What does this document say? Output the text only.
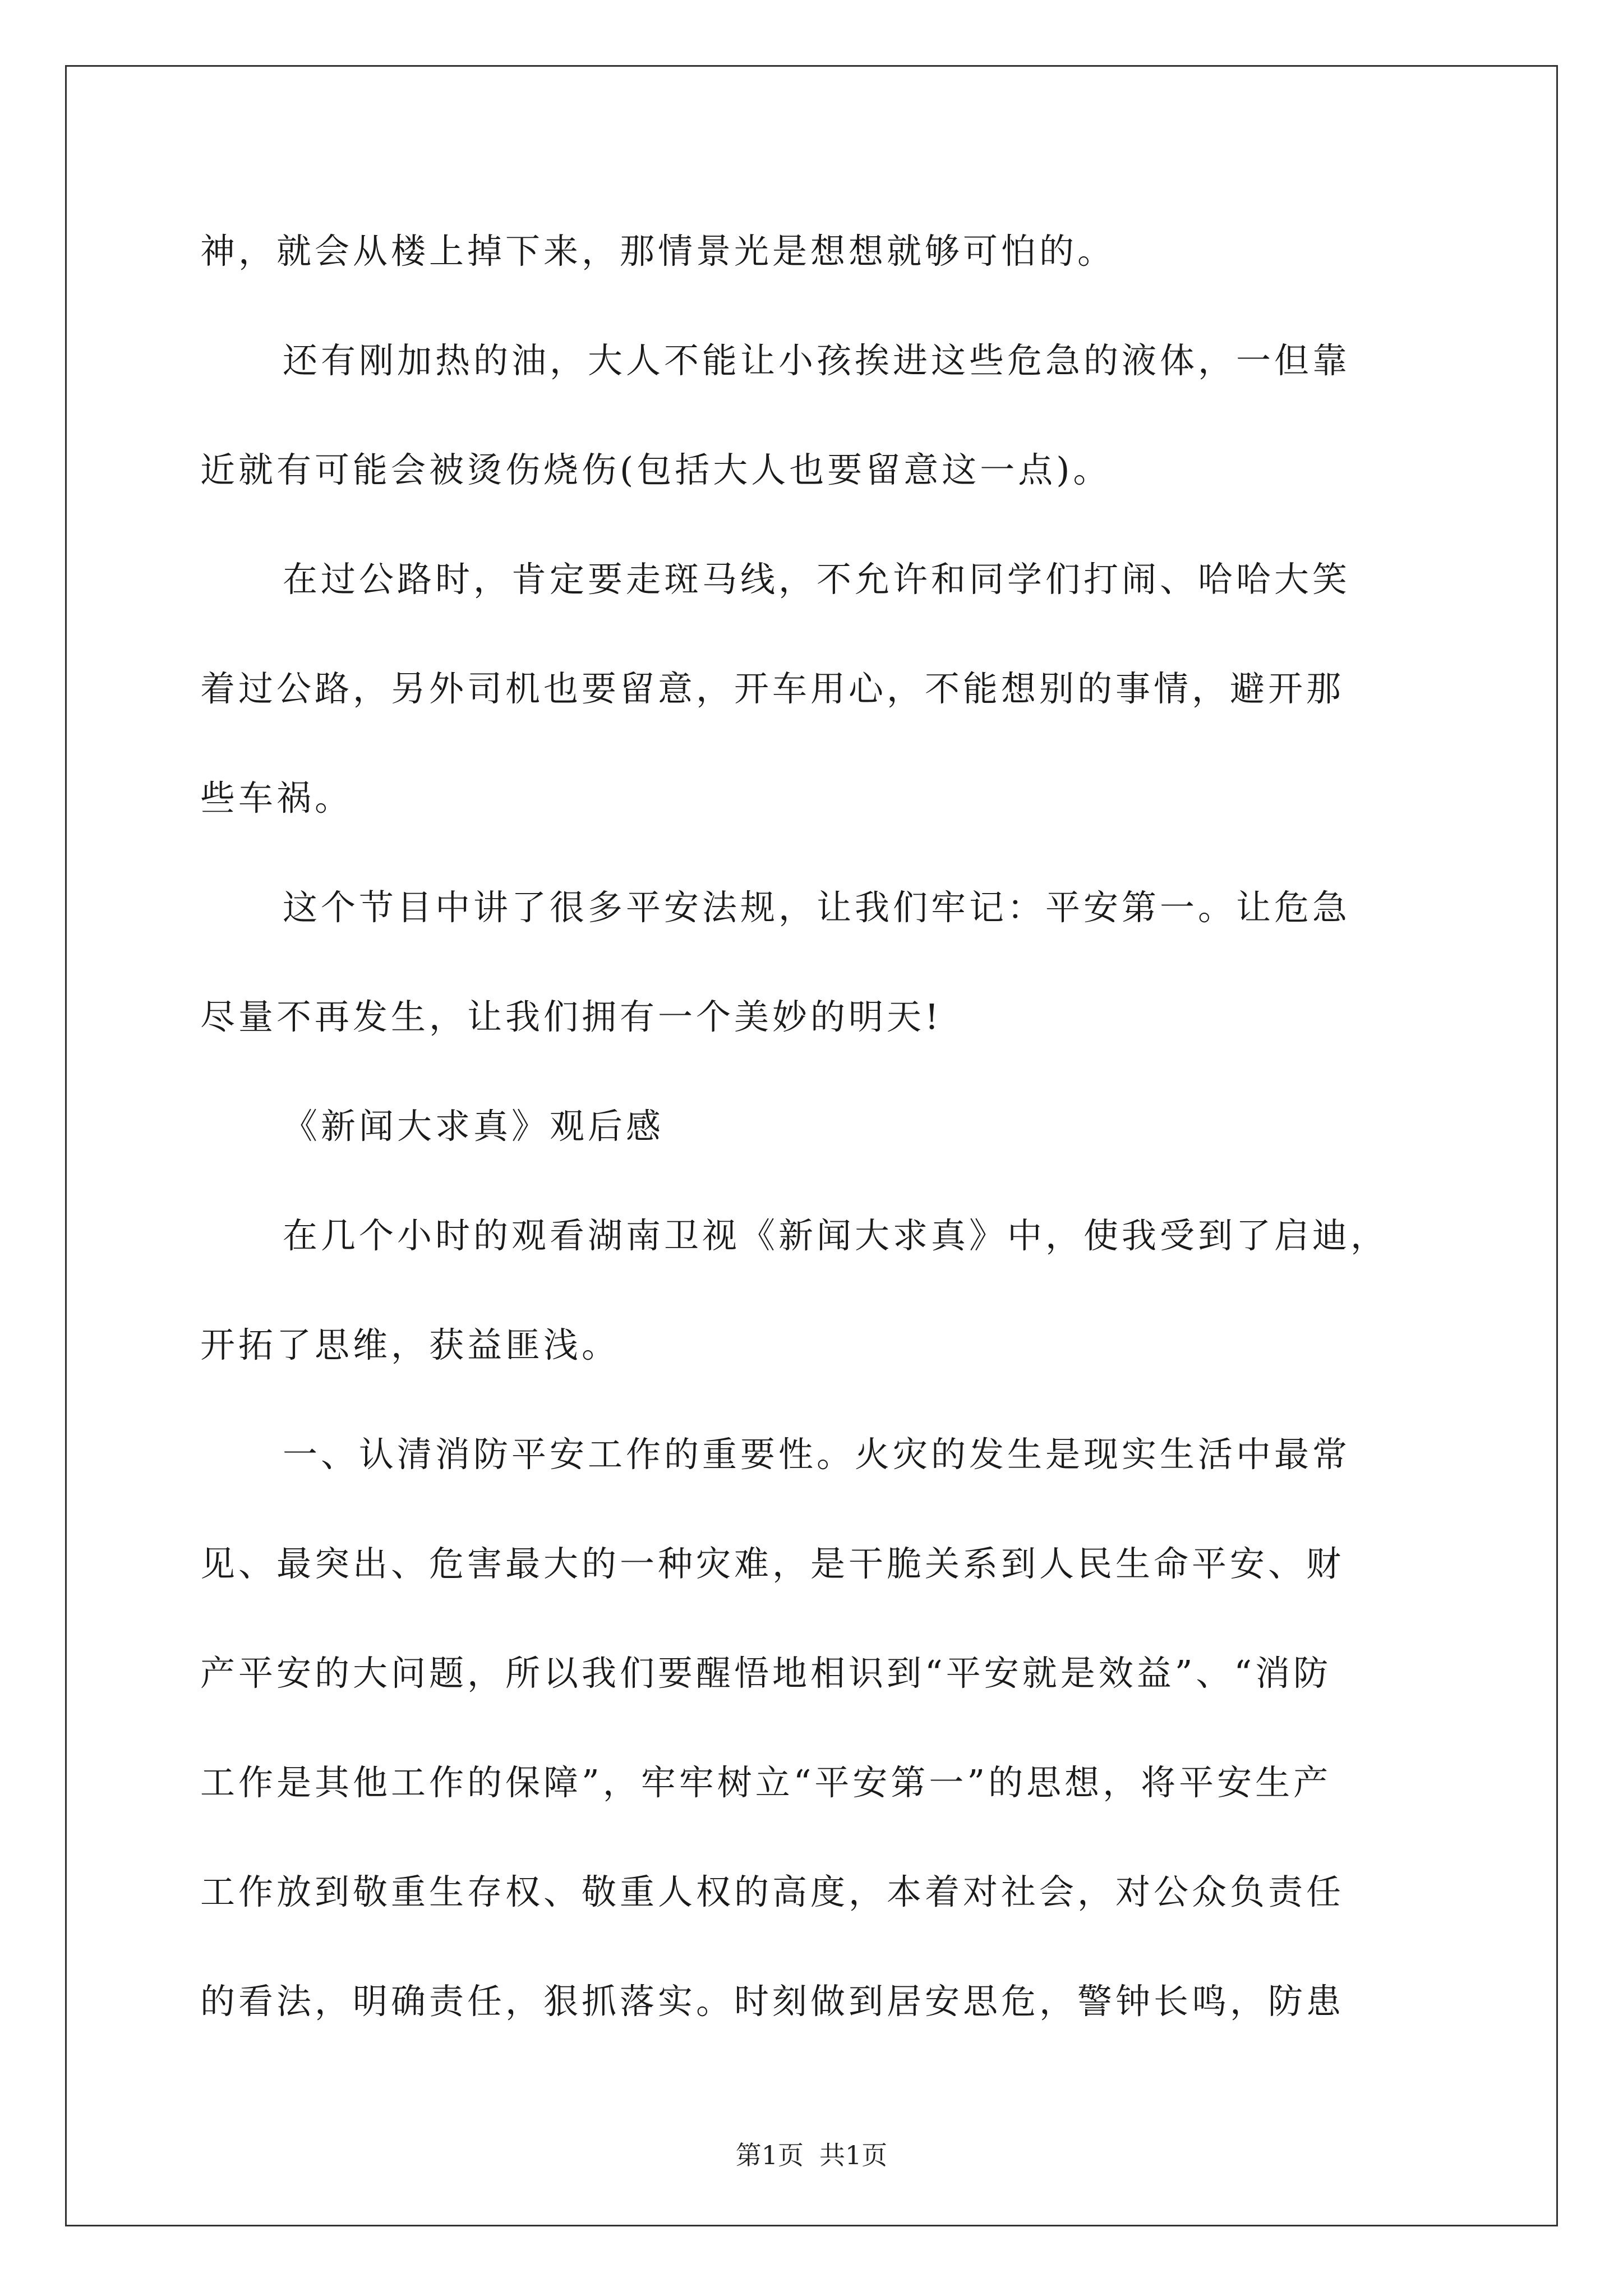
神，就会从楼上掉下来，那情景光是想想就够可怕的。

还有刚加热的油，大人不能让小孩挨进这些危急的液体，一但靠

近就有可能会被烫伤烧伤(包括大人也要留意这一点)。

在过公路时，肯定要走斑马线，不允许和同学们打闹、哈哈大笑

着过公路，另外司机也要留意，开车用心，不能想别的事情，避开那

些车祸。

这个节目中讲了很多平安法规，让我们牢记：平安第一。让危急

尽量不再发生，让我们拥有一个美妙的明天!

《新闻大求真》观后感

在几个小时的观看湖南卫视《新闻大求真》中，使我受到了启迪，

开拓了思维，获益匪浅。

一、认清消防平安工作的重要性。火灾的发生是现实生活中最常

见、最突出、危害最大的一种灾难，是干脆关系到人民生命平安、财

产平安的大问题，所以我们要醒悟地相识到“平安就是效益”、“消防

工作是其他工作的保障”，牢牢树立“平安第一”的思想，将平安生产

工作放到敬重生存权、敬重人权的高度，本着对社会，对公众负责任

的看法，明确责任，狠抓落实。时刻做到居安思危，警钟长鸣，防患

第1页 共1页
